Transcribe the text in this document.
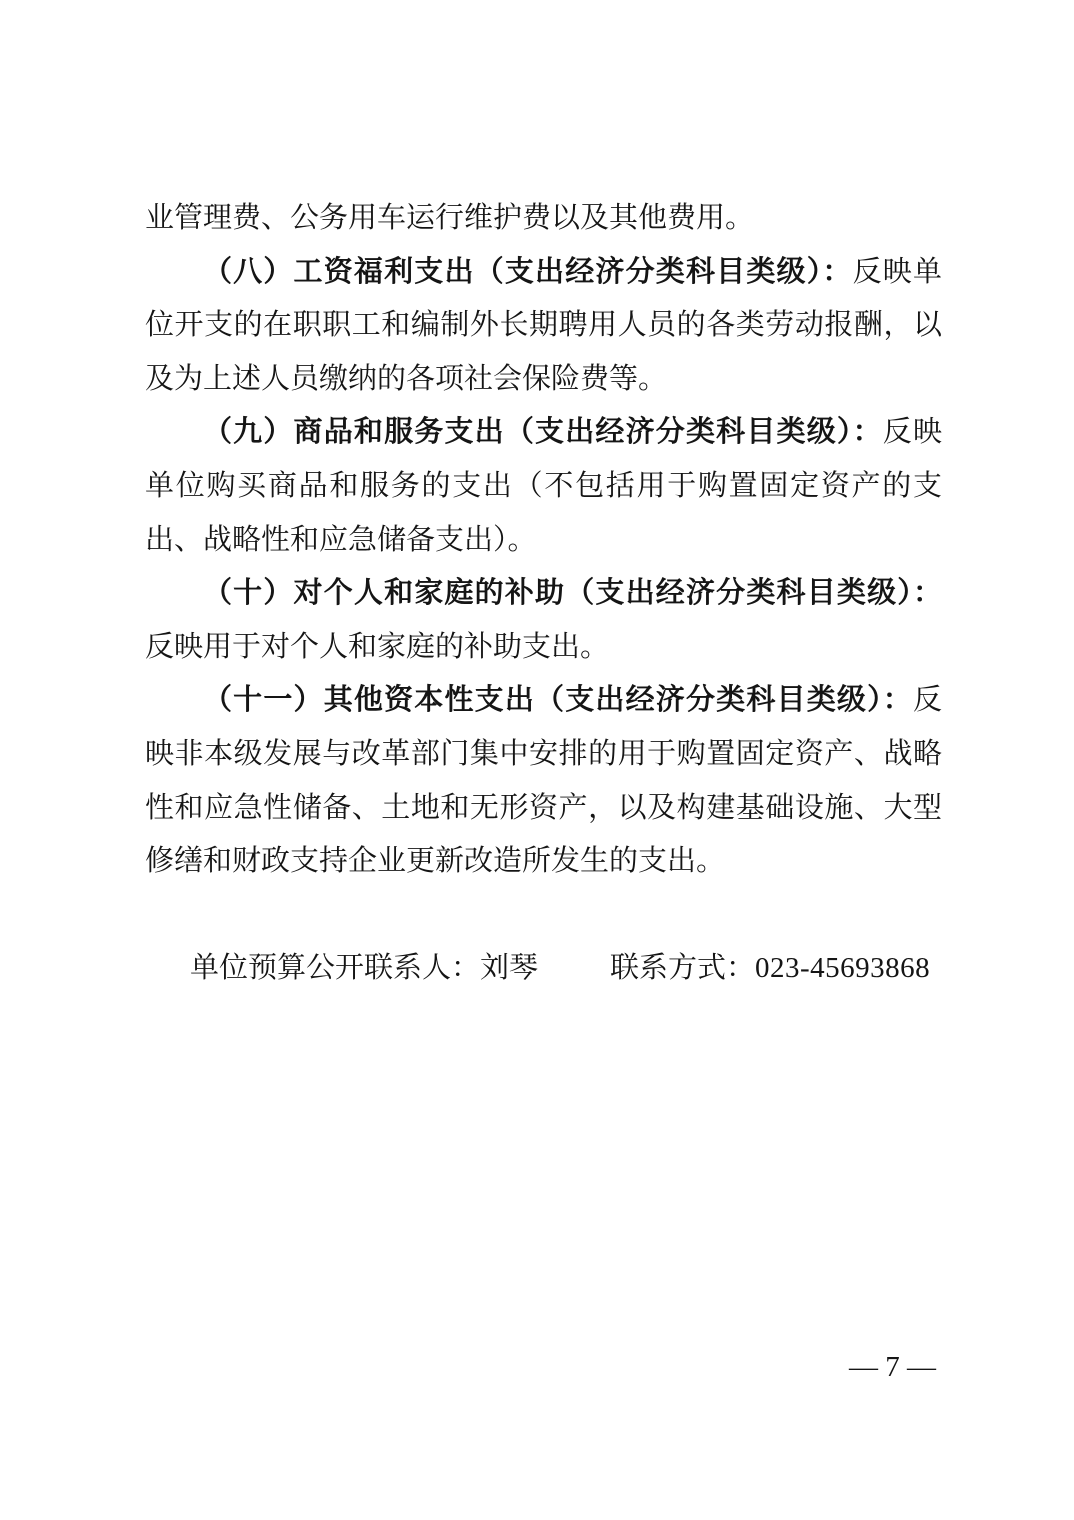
业管理费、公务用车运行维护费以及其他费用。

（八）工资福利支出（支出经济分类科目类级）：反映单位开支的在职职工和编制外长期聘用人员的各类劳动报酬，以及为上述人员缴纳的各项社会保险费等。

（九）商品和服务支出（支出经济分类科目类级）：反映单位购买商品和服务的支出（不包括用于购置固定资产的支出、战略性和应急储备支出）。

（十）对个人和家庭的补助（支出经济分类科目类级）：反映用于对个人和家庭的补助支出。

（十一）其他资本性支出（支出经济分类科目类级）：反映非本级发展与改革部门集中安排的用于购置固定资产、战略性和应急性储备、土地和无形资产，以及构建基础设施、大型修缮和财政支持企业更新改造所发生的支出。

单位预算公开联系人：刘琴 联系方式：023-45693868

— 7 —
